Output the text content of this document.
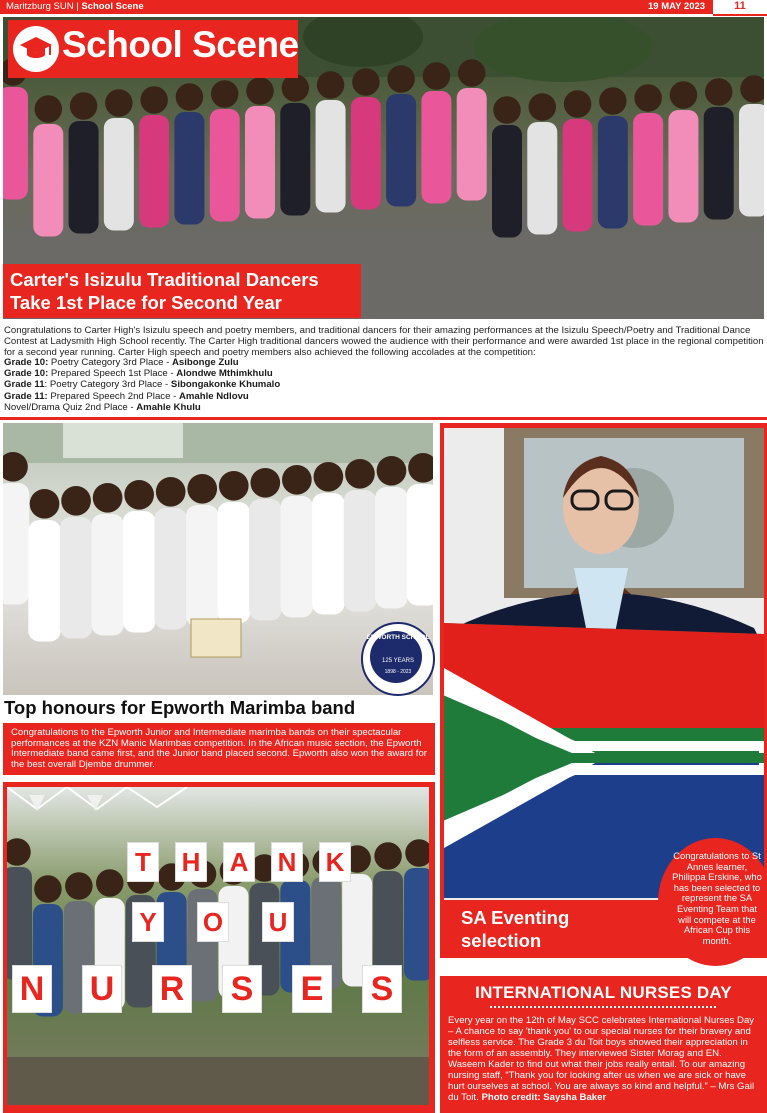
Maritzburg SUN | School Scene	19 MAY 2023	11
School Scene
Carter's Isizulu Traditional Dancers
Take 1st Place for Second Year
Congratulations to Carter High's Isizulu speech and poetry members, and traditional dancers for their amazing performances at the Isizulu Speech/Poetry and Traditional Dance Contest at Ladysmith High School recently. The Carter High traditional dancers wowed the audience with their performance and were awarded 1st place in the regional competition for a second year running. Carter High speech and poetry members also achieved the following accolades at the competition:
Grade 10: Poetry Category 3rd Place - Asibonge Zulu
Grade 10: Prepared Speech 1st Place - Alondwe Mthimkhulu
Grade 11: Poetry Category 3rd Place - Sibongakonke Khumalo
Grade 11: Prepared Speech 2nd Place - Amahle Ndlovu
Novel/Drama Quiz 2nd Place - Amahle Khulu
EPWORTH SCHOOL
125 YEARS
1898 - 2023
Top honours for Epworth Marimba band

Congratulations to the Epworth Junior and Intermediate marimba bands on their spectacular performances at the KZN Manic Marimbas competition. In the African music section, the Epworth Intermediate band came first, and the Junior band placed second. Epworth also won the award for the best overall Djembe drummer.

SA Eventing
selection

Congratulations to St Annes learner, Philippa Erskine, who has been selected to represent the SA Eventing Team that will compete at the African Cup this month.

T	H A N K
Y O U
N U R S E S	INTERNATIONAL NURSES DAY
Every year on the 12th of May SCC celebrates International Nurses Day – A chance to say 'thank you' to our special nurses for their bravery and selfless service. The Grade 3 du Toit boys showed their appreciation in the form of an assembly. They interviewed Sister Morag and EN. Waseem Kader to find out what their jobs really entail. To our amazing nursing staff, “Thank you for looking after us when we are sick or have hurt ourselves at school. You are always so kind and helpful.” – Mrs Gail du Toit. Photo credit: Saysha Baker
